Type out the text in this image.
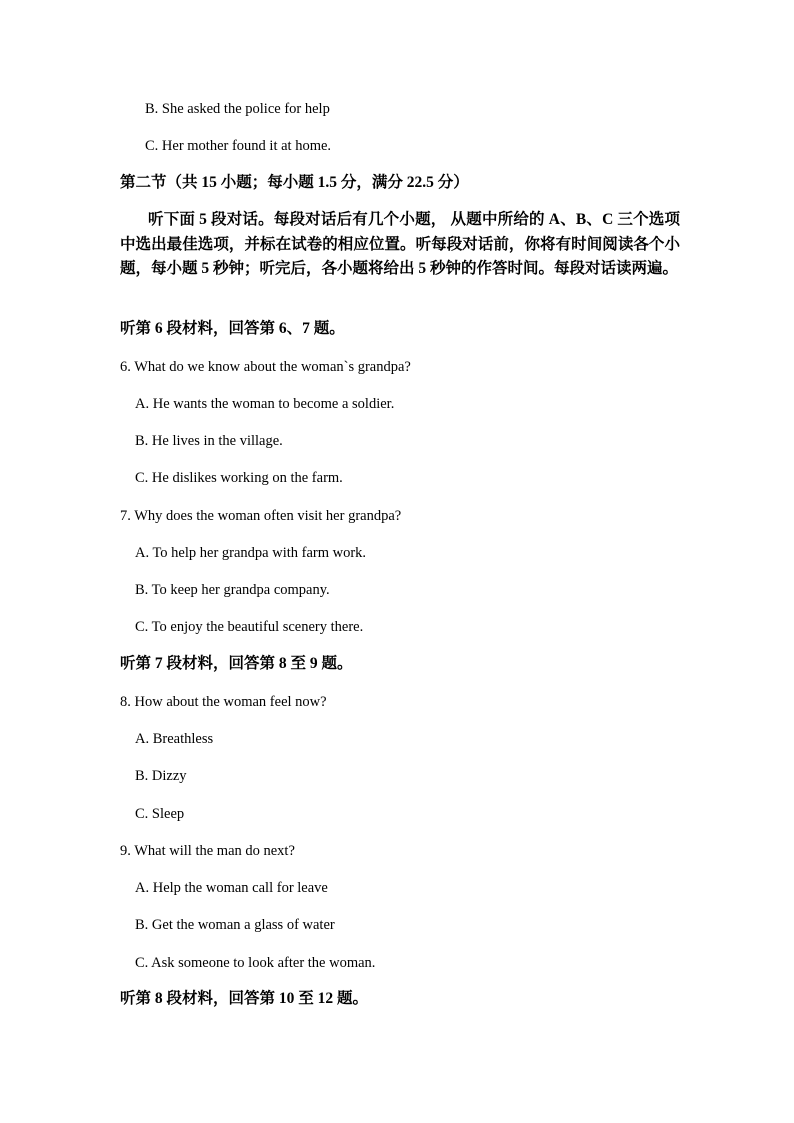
B. She asked the police for help
C. Her mother found it at home.
第二节（共 15 小题；每小题 1.5 分，满分 22.5 分）
听下面 5 段对话。每段对话后有几个小题， 从题中所给的 A、B、C 三个选项中选出最佳选项，并标在试卷的相应位置。听每段对话前，你将有时间阅读各个小题，每小题 5 秒钟；听完后，各小题将给出 5 秒钟的作答时间。每段对话读两遍。
听第 6 段材料，回答第 6、7 题。
6. What do we know about the woman`s grandpa?
A. He wants the woman to become a soldier.
B. He lives in the village.
C. He dislikes working on the farm.
7. Why does the woman often visit her grandpa?
A. To help her grandpa with farm work.
B. To keep her grandpa company.
C. To enjoy the beautiful scenery there.
听第 7 段材料，回答第 8 至 9 题。
8. How about the woman feel now?
A. Breathless
B. Dizzy
C. Sleep
9. What will the man do next?
A. Help the woman call for leave
B. Get the woman a glass of water
C. Ask someone to look after the woman.
听第 8 段材料，回答第 10 至 12 题。
